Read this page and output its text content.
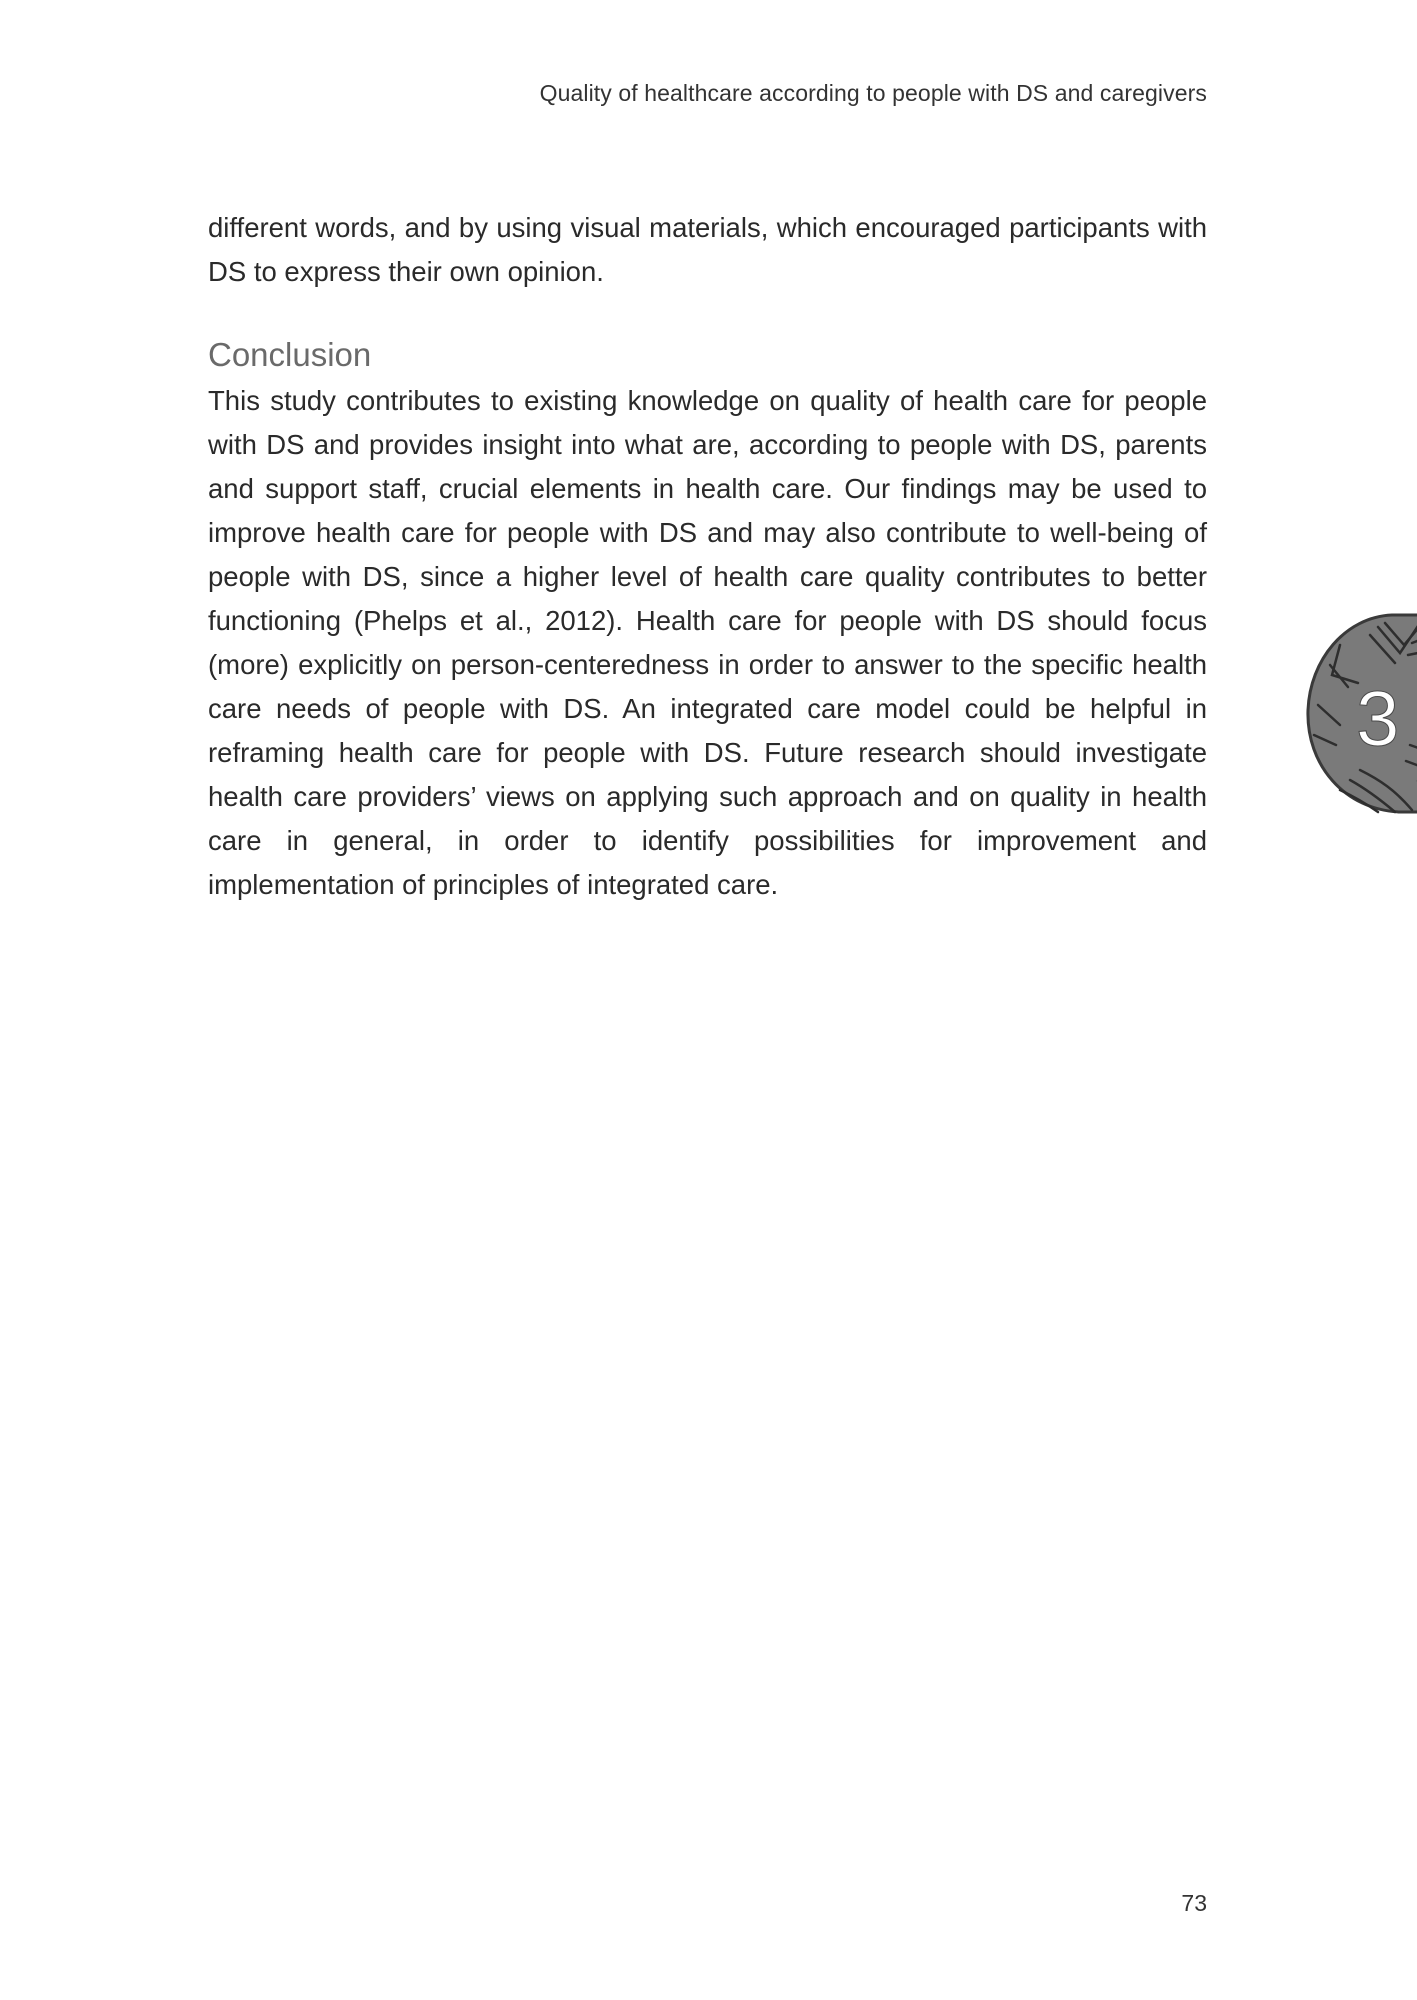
Quality of healthcare according to people with DS and caregivers

different words, and by using visual materials, which encouraged participants with DS to express their own opinion.

Conclusion

This study contributes to existing knowledge on quality of health care for people with DS and provides insight into what are, according to people with DS, parents and support staff, crucial elements in health care. Our findings may be used to improve health care for people with DS and may also contribute to well-being of people with DS, since a higher level of health care quality contributes to better functioning (Phelps et al., 2012). Health care for people with DS should focus (more) explicitly on person-centeredness in order to answer to the specific health care needs of people with DS. An integrated care model could be helpful in reframing health care for people with DS. Future research should investigate health care providers’ views on applying such approach and on quality in health care in general, in order to identify possibilities for improvement and implementation of principles of integrated care.

3
73
